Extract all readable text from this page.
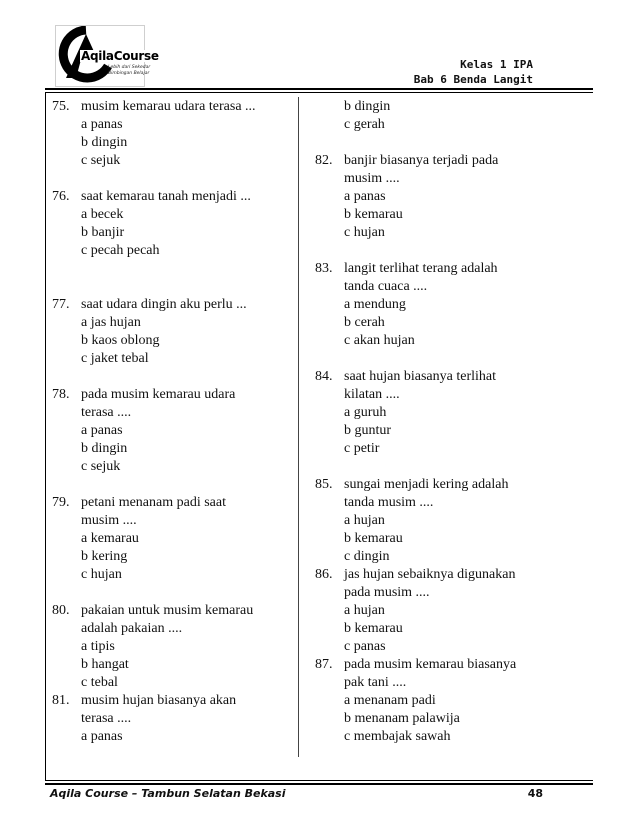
AqilaCourse
Lebih dari Sekedar
Bimbingan Belajar
Kelas 1 IPA
Bab 6 Benda Langit
75. musim kemarau udara terasa ...
a panas
b dingin
c sejuk
76. saat kemarau tanah menjadi ...
a becek
b banjir
c pecah pecah
77. saat udara dingin aku perlu ...
a jas hujan
b kaos oblong
c jaket tebal
78. pada musim kemarau udara
terasa ....
a panas
b dingin
c sejuk
79. petani menanam padi saat
musim ....
a kemarau
b kering
c hujan
80. pakaian untuk musim kemarau
adalah pakaian ....
a tipis
b hangat
c tebal
81. musim hujan biasanya akan
terasa ....
a panas
b dingin
c gerah
82. banjir biasanya terjadi pada
musim ....
a panas
b kemarau
c hujan
83. langit terlihat terang adalah
tanda cuaca ....
a mendung
b cerah
c akan hujan
84. saat hujan biasanya terlihat
kilatan ....
a guruh
b guntur
c petir
85. sungai menjadi kering adalah
tanda musim ....
a hujan
b kemarau
c dingin
86. jas hujan sebaiknya digunakan
pada musim ....
a hujan
b kemarau
c panas
87. pada musim kemarau biasanya
pak tani ....
a menanam padi
b menanam palawija
c membajak sawah
Aqila Course – Tambun Selatan Bekasi	48
